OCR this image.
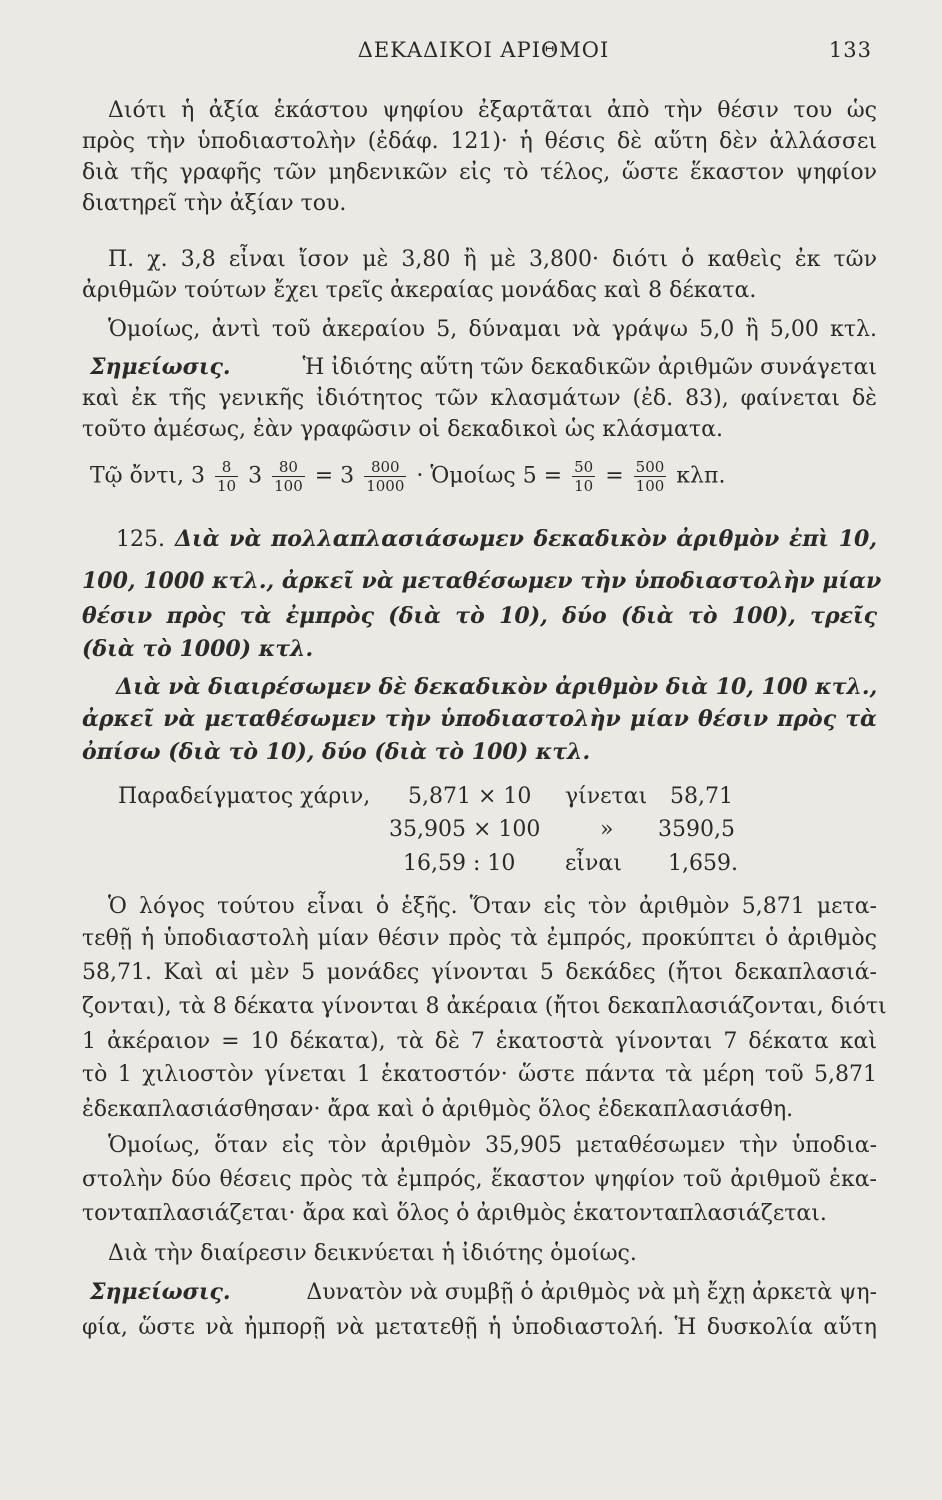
ΔΕΚΑΔΙΚΟΙ ΑΡΙΘΜΟΙ	133
Διότι ἡ ἀξία ἑκάστου ψηφίου ἐξαρτᾶται ἀπὸ τὴν θέσιν του ὡς
πρὸς τὴν ὑποδιαστολὴν (ἐδάφ. 121)· ἡ θέσις δὲ αὕτη δὲν ἀλλάσσει
διὰ τῆς γραφῆς τῶν μηδενικῶν εἰς τὸ τέλος, ὥστε ἕκαστον ψηφίον
διατηρεῖ τὴν ἀξίαν του.
Π. χ. 3,8 εἶναι ἴσον μὲ 3,80 ἢ μὲ 3,800· διότι ὁ καθεὶς ἐκ τῶν
ἀριθμῶν τούτων ἔχει τρεῖς ἀκεραίας μονάδας καὶ 8 δέκατα.
Ὁμοίως, ἀντὶ τοῦ ἀκεραίου 5, δύναμαι νὰ γράψω 5,0 ἢ 5,00 κτλ.
Σημείωσις.	Ἡ ἰδιότης αὕτη τῶν δεκαδικῶν ἀριθμῶν συνάγεται
καὶ ἐκ τῆς γενικῆς ἰδιότητος τῶν κλασμάτων (ἐδ. 83), φαίνεται δὲ
τοῦτο ἀμέσως, ἐὰν γραφῶσιν οἱ δεκαδικοὶ ὡς κλάσματα.
Τῷ ὄντι, $3 \frac{8}{10} 3 \frac{80}{100} = 3 \frac{800}{1000}$ · Ὁμοίως $5 = \frac{50}{10} = \frac{500}{100} \kappa\lambda\pi$.
125. Διὰ νὰ πολλαπλασιάσωμεν δεκαδικὸν ἀριθμὸν ἐπὶ 10,
100, 1000 κτλ., ἀρκεῖ νὰ μεταθέσωμεν τὴν ὑποδιαστολὴν μίαν
θέσιν πρὸς τὰ ἐμπρὸς (διὰ τὸ 10), δύο (διὰ τὸ 100), τρεῖς
(διὰ τὸ 1000) κτλ.
Διὰ νὰ διαιρέσωμεν δὲ δεκαδικὸν ἀριθμὸν διὰ 10, 100 κτλ.,
ἀρκεῖ νὰ μεταθέσωμεν τὴν ὑποδιαστολὴν μίαν θέσιν πρὸς τὰ
ὀπίσω (διὰ τὸ 10), δύο (διὰ τὸ 100) κτλ.
Παραδείγματος χάριν, 5,871 × 10 γίνεται 58,71
35,905 × 100	» 3590,5
16,59 : 10 εἶναι 1,659.
Ὁ λόγος τούτου εἶναι ὁ ἑξῆς. Ὅταν εἰς τὸν ἀριθμὸν 5,871 μετα-
τεθῇ ἡ ὑποδιαστολὴ μίαν θέσιν πρὸς τὰ ἐμπρός, προκύπτει ὁ ἀριθμὸς
58,71. Καὶ αἱ μὲν 5 μονάδες γίνονται 5 δεκάδες (ἤτοι δεκαπλασιά-
ζονται), τὰ 8 δέκατα γίνονται 8 ἀκέραια (ἤτοι δεκαπλασιάζονται, διότι
1 ἀκέραιον = 10 δέκατα), τὰ δὲ 7 ἑκατοστὰ γίνονται 7 δέκατα καὶ
τὸ 1 χιλιοστὸν γίνεται 1 ἑκατοστόν· ὥστε πάντα τὰ μέρη τοῦ 5,871
ἐδεκαπλασιάσθησαν· ἄρα καὶ ὁ ἀριθμὸς ὅλος ἐδεκαπλασιάσθη.
Ὁμοίως, ὅταν εἰς τὸν ἀριθμὸν 35,905 μεταθέσωμεν τὴν ὑποδια-
στολὴν δύο θέσεις πρὸς τὰ ἐμπρός, ἕκαστον ψηφίον τοῦ ἀριθμοῦ ἑκα-
τονταπλασιάζεται· ἄρα καὶ ὅλος ὁ ἀριθμὸς ἑκατονταπλασιάζεται.
Διὰ τὴν διαίρεσιν δεικνύεται ἡ ἰδιότης ὁμοίως.
Σημείωσις.	Δυνατὸν νὰ συμβῇ ὁ ἀριθμὸς νὰ μὴ ἔχῃ ἀρκετὰ ψη-
φία, ὥστε νὰ ἠμπορῇ νὰ μετατεθῇ ἡ ὑποδιαστολή. Ἡ δυσκολία αὕτη
